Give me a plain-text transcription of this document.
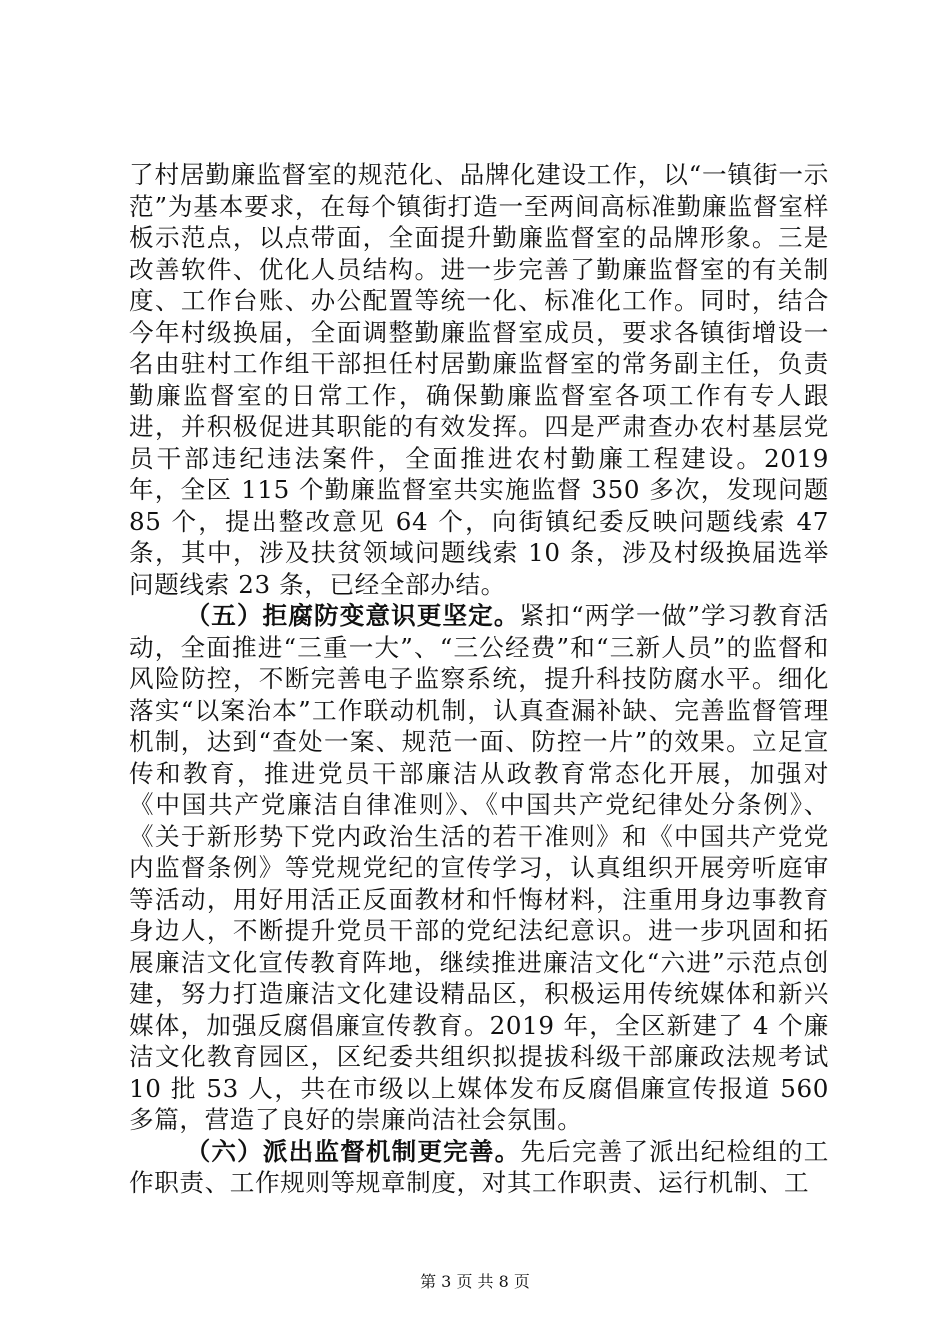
了村居勤廉监督室的规范化、品牌化建设工作，以“一镇街一示范”为基本要求，在每个镇街打造一至两间高标准勤廉监督室样板示范点，以点带面，全面提升勤廉监督室的品牌形象。三是改善软件、优化人员结构。进一步完善了勤廉监督室的有关制度、工作台账、办公配置等统一化、标准化工作。同时，结合今年村级换届，全面调整勤廉监督室成员，要求各镇街增设一名由驻村工作组干部担任村居勤廉监督室的常务副主任，负责勤廉监督室的日常工作，确保勤廉监督室各项工作有专人跟进，并积极促进其职能的有效发挥。四是严肃查办农村基层党员干部违纪违法案件，全面推进农村勤廉工程建设。2019 年，全区 115 个勤廉监督室共实施监督 350 多次，发现问题 85 个，提出整改意见 64 个，向街镇纪委反映问题线索 47 条，其中，涉及扶贫领域问题线索 10 条，涉及村级换届选举问题线索 23 条，已经全部办结。

（五）拒腐防变意识更坚定。紧扣“两学一做”学习教育活动，全面推进“三重一大”、“三公经费”和“三新人员”的监督和风险防控，不断完善电子监察系统，提升科技防腐水平。细化落实“以案治本”工作联动机制，认真查漏补缺、完善监督管理机制，达到“查处一案、规范一面、防控一片”的效果。立足宣传和教育，推进党员干部廉洁从政教育常态化开展，加强对《中国共产党廉洁自律准则》、《中国共产党纪律处分条例》、《关于新形势下党内政治生活的若干准则》和《中国共产党党内监督条例》等党规党纪的宣传学习，认真组织开展旁听庭审等活动，用好用活正反面教材和忏悔材料，注重用身边事教育身边人，不断提升党员干部的党纪法纪意识。进一步巩固和拓展廉洁文化宣传教育阵地，继续推进廉洁文化“六进”示范点创建，努力打造廉洁文化建设精品区，积极运用传统媒体和新兴媒体，加强反腐倡廉宣传教育。2019 年，全区新建了 4 个廉洁文化教育园区，区纪委共组织拟提拔科级干部廉政法规考试 10 批 53 人，共在市级以上媒体发布反腐倡廉宣传报道 560 多篇，营造了良好的崇廉尚洁社会氛围。

（六）派出监督机制更完善。先后完善了派出纪检组的工作职责、工作规则等规章制度，对其工作职责、运行机制、工

第 3 页 共 8 页
